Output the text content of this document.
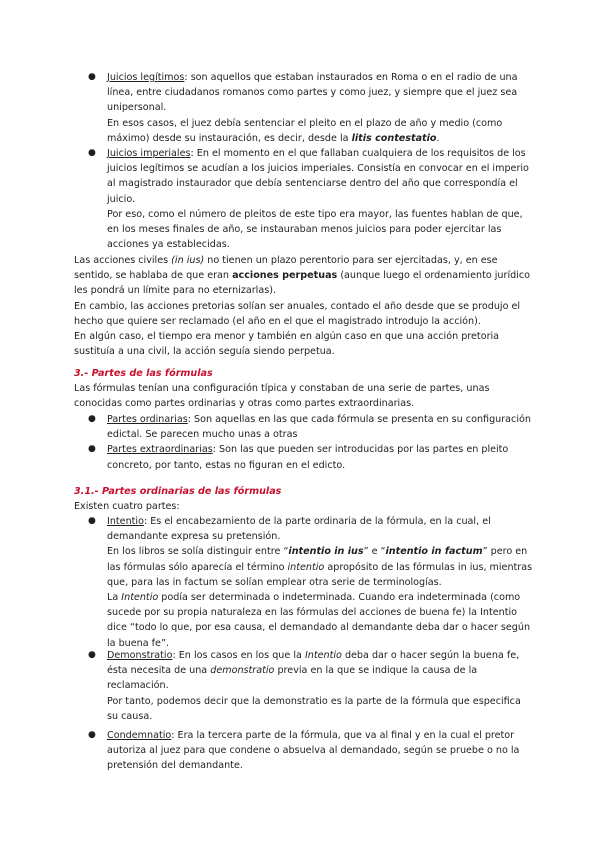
● Juicios legítimos: son aquellos que estaban instaurados en Roma o en el radio de una línea, entre ciudadanos romanos como partes y como juez, y siempre que el juez sea unipersonal.

En esos casos, el juez debía sentenciar el pleito en el plazo de año y medio (como máximo) desde su instauración, es decir, desde la litis contestatio.

● Juicios imperiales: En el momento en el que fallaban cualquiera de los requisitos de los juicios legítimos se acudían a los juicios imperiales. Consistía en convocar en el imperio al magistrado instaurador que debía sentenciarse dentro del año que correspondía el juicio.

Por eso, como el número de pleitos de este tipo era mayor, las fuentes hablan de que, en los meses finales de año, se instauraban menos juicios para poder ejercitar las acciones ya establecidas.

Las acciones civiles (in ius) no tienen un plazo perentorio para ser ejercitadas, y, en ese sentido, se hablaba de que eran acciones perpetuas (aunque luego el ordenamiento jurídico les pondrá un límite para no eternizarlas).

En cambio, las acciones pretorias solían ser anuales, contado el año desde que se produjo el hecho que quiere ser reclamado (el año en el que el magistrado introdujo la acción).

En algún caso, el tiempo era menor y también en algún caso en que una acción pretoria sustituía a una civil, la acción seguía siendo perpetua.

3.- Partes de las fórmulas

Las fórmulas tenían una configuración típica y constaban de una serie de partes, unas conocidas como partes ordinarias y otras como partes extraordinarias.

● Partes ordinarias: Son aquellas en las que cada fórmula se presenta en su configuración edictal. Se parecen mucho unas a otras

● Partes extraordinarias: Son las que pueden ser introducidas por las partes en pleito concreto, por tanto, estas no figuran en el edicto.

3.1.- Partes ordinarias de las fórmulas

Existen cuatro partes:

● Intentio: Es el encabezamiento de la parte ordinaria de la fórmula, en la cual, el demandante expresa su pretensión.

En los libros se solía distinguir entre “intentio in ius” e “intentio in factum” pero en las fórmulas sólo aparecía el término intentio apropósito de las fórmulas in ius, mientras que, para las in factum se solían emplear otra serie de terminologías.

La Intentio podía ser determinada o indeterminada. Cuando era indeterminada (como sucede por su propia naturaleza en las fórmulas del acciones de buena fe) la Intentio dice “todo lo que, por esa causa, el demandado al demandante deba dar o hacer según la buena fe”.

● Demonstratio: En los casos en los que la Intentio deba dar o hacer según la buena fe, ésta necesita de una demonstratio previa en la que se indique la causa de la reclamación.

Por tanto, podemos decir que la demonstratio es la parte de la fórmula que especifica su causa.

● Condemnatio: Era la tercera parte de la fórmula, que va al final y en la cual el pretor autoriza al juez para que condene o absuelva al demandado, según se pruebe o no la pretensión del demandante.
